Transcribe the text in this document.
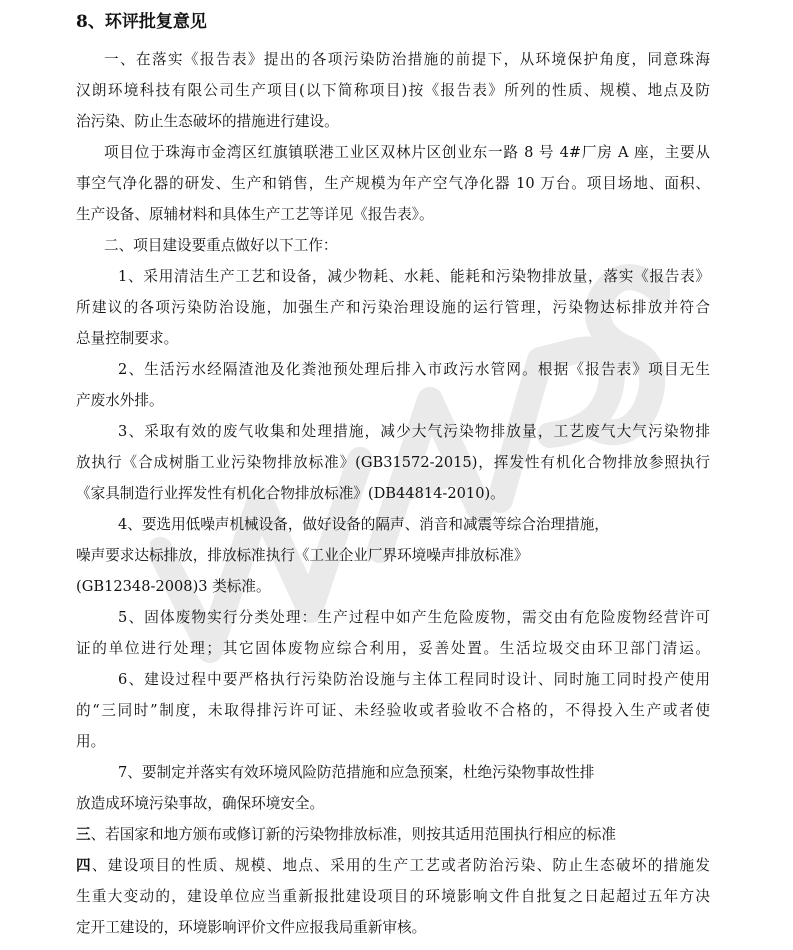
8、环评批复意见
一、在落实《报告表》提出的各项污染防治措施的前提下，从环境保护角度，同意珠海
汉朗环境科技有限公司生产项目(以下简称项目)按《报告表》所列的性质、规模、地点及防
治污染、防止生态破坏的措施进行建设。
项目位于珠海市金湾区红旗镇联港工业区双林片区创业东一路 8 号 4#厂房 A 座，主要从
事空气净化器的研发、生产和销售，生产规模为年产空气净化器 10 万台。项目场地、面积、
生产设备、原辅材料和具体生产工艺等详见《报告表》。
二、项目建设要重点做好以下工作：
1、采用清洁生产工艺和设备，减少物耗、水耗、能耗和污染物排放量，落实《报告表》
所建议的各项污染防治设施，加强生产和污染治理设施的运行管理，污染物达标排放并符合
总量控制要求。
2、生活污水经隔渣池及化粪池预处理后排入市政污水管网。根据《报告表》项目无生
产废水外排。
3、采取有效的废气收集和处理措施，减少大气污染物排放量，工艺废气大气污染物排
放执行《合成树脂工业污染物排放标准》(GB31572-2015)，挥发性有机化合物排放参照执行
《家具制造行业挥发性有机化合物排放标准》(DB44814-2010)。
4、要选用低噪声机械设备，做好设备的隔声、消音和减震等综合治理措施，
噪声要求达标排放，排放标准执行《工业企业厂界环境噪声排放标准》
(GB12348-2008)3 类标准。
5、固体废物实行分类处理：生产过程中如产生危险废物，需交由有危险废物经营许可
证的单位进行处理；其它固体废物应综合利用，妥善处置。生活垃圾交由环卫部门清运。
6、建设过程中要严格执行污染防治设施与主体工程同时设计、同时施工同时投产使用
的“三同时”制度，未取得排污许可证、未经验收或者验收不合格的，不得投入生产或者使
用。
7、要制定并落实有效环境风险防范措施和应急预案，杜绝污染物事故性排
放造成环境污染事故，确保环境安全。
三、若国家和地方颁布或修订新的污染物排放标准，则按其适用范围执行相应的标准
四、建设项目的性质、规模、地点、采用的生产工艺或者防治污染、防止生态破坏的措施发
生重大变动的，建设单位应当重新报批建设项目的环境影响文件自批复之日起超过五年方决
定开工建设的，环境影响评价文件应报我局重新审核。
